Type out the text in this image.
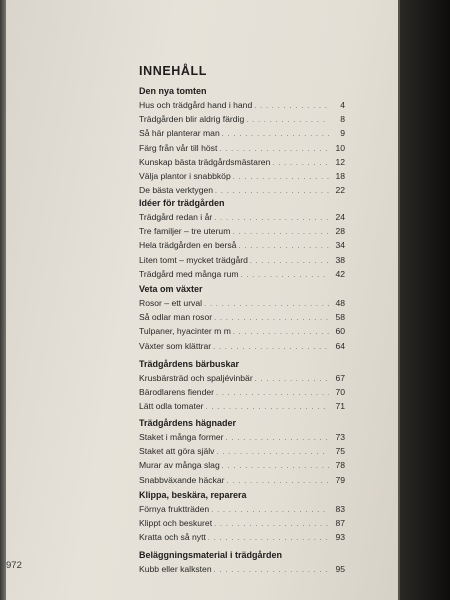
INNEHÅLL
Den nya tomten
Hus och trädgård hand i hand . . .	4
Trädgården blir aldrig färdig . . .	8
Så här planterar man . . .	9
Färg från vår till höst . . .	10
Kunskap bästa trädgårdsmästaren . . .	12
Välja plantor i snabbköp . . .	18
De bästa verktygen . . .	22
Idéer för trädgården
Trädgård redan i år . . .	24
Tre familjer – tre uterum . . .	28
Hela trädgården en berså . . .	34
Liten tomt – mycket trädgård . . .	38
Trädgård med många rum . . .	42
Veta om växter
Rosor – ett urval . . .	48
Så odlar man rosor . . .	58
Tulpaner, hyacinter m m . . .	60
Växter som klättrar . . .	64
Trädgårdens bärbuskar
Krusbärsträd och spaljévinbär . . .	67
Bärodlarens fiender . . .	70
Lätt odla tomater . . .	71
Trädgårdens hägnader
Staket i många former . . .	73
Staket att göra själv . . .	75
Murar av många slag . . .	78
Snabbväxande häckar . . .	79
Klippa, beskära, reparera
Förnya fruktträden . . .	83
Klippt och beskuret . . .	87
Kratta och så nytt . . .	93
Beläggningsmaterial i trädgården
Kubb eller kalksten . . .	95
972
